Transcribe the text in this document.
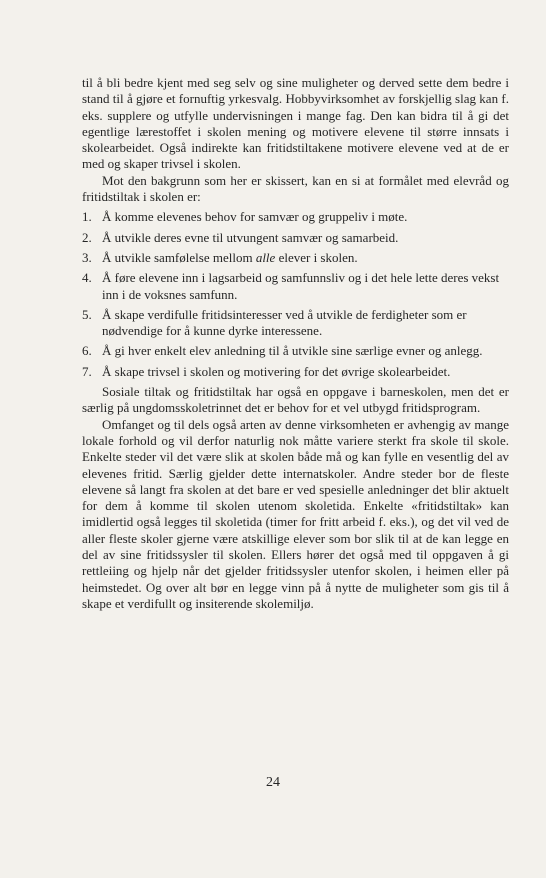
til å bli bedre kjent med seg selv og sine muligheter og derved sette dem bedre i stand til å gjøre et fornuftig yrkesvalg. Hobbyvirksomhet av forskjellig slag kan f. eks. supplere og utfylle undervisningen i mange fag. Den kan bidra til å gi det egentlige lærestoffet i skolen mening og motivere elevene til større innsats i skolearbeidet. Også indirekte kan fritidstiltakene motivere elevene ved at de er med og skaper trivsel i skolen.

Mot den bakgrunn som her er skissert, kan en si at formålet med elevråd og fritidstiltak i skolen er:

1. Å komme elevenes behov for samvær og gruppeliv i møte.
2. Å utvikle deres evne til utvungent samvær og samarbeid.
3. Å utvikle samfølelse mellom alle elever i skolen.
4. Å føre elevene inn i lagsarbeid og samfunnsliv og i det hele lette deres vekst inn i de voksnes samfunn.
5. Å skape verdifulle fritidsinteresser ved å utvikle de ferdigheter som er nødvendige for å kunne dyrke interessene.
6. Å gi hver enkelt elev anledning til å utvikle sine særlige evner og anlegg.
7. Å skape trivsel i skolen og motivering for det øvrige skolearbeidet.

Sosiale tiltak og fritidstiltak har også en oppgave i barneskolen, men det er særlig på ungdomsskoletrinnet det er behov for et vel utbygd fritidsprogram.

Omfanget og til dels også arten av denne virksomheten er avhengig av mange lokale forhold og vil derfor naturlig nok måtte variere sterkt fra skole til skole. Enkelte steder vil det være slik at skolen både må og kan fylle en vesentlig del av elevenes fritid. Særlig gjelder dette internatskoler. Andre steder bor de fleste elevene så langt fra skolen at det bare er ved spesielle anledninger det blir aktuelt for dem å komme til skolen utenom skoletida. Enkelte «fritidstiltak» kan imidlertid også legges til skoletida (timer for fritt arbeid f. eks.), og det vil ved de aller fleste skoler gjerne være atskillige elever som bor slik til at de kan legge en del av sine fritidssysler til skolen. Ellers hører det også med til oppgaven å gi rettleiing og hjelp når det gjelder fritidssysler utenfor skolen, i heimen eller på heimstedet. Og over alt bør en legge vinn på å nytte de muligheter som gis til å skape et verdifullt og insiterende skolemiljø.

24
